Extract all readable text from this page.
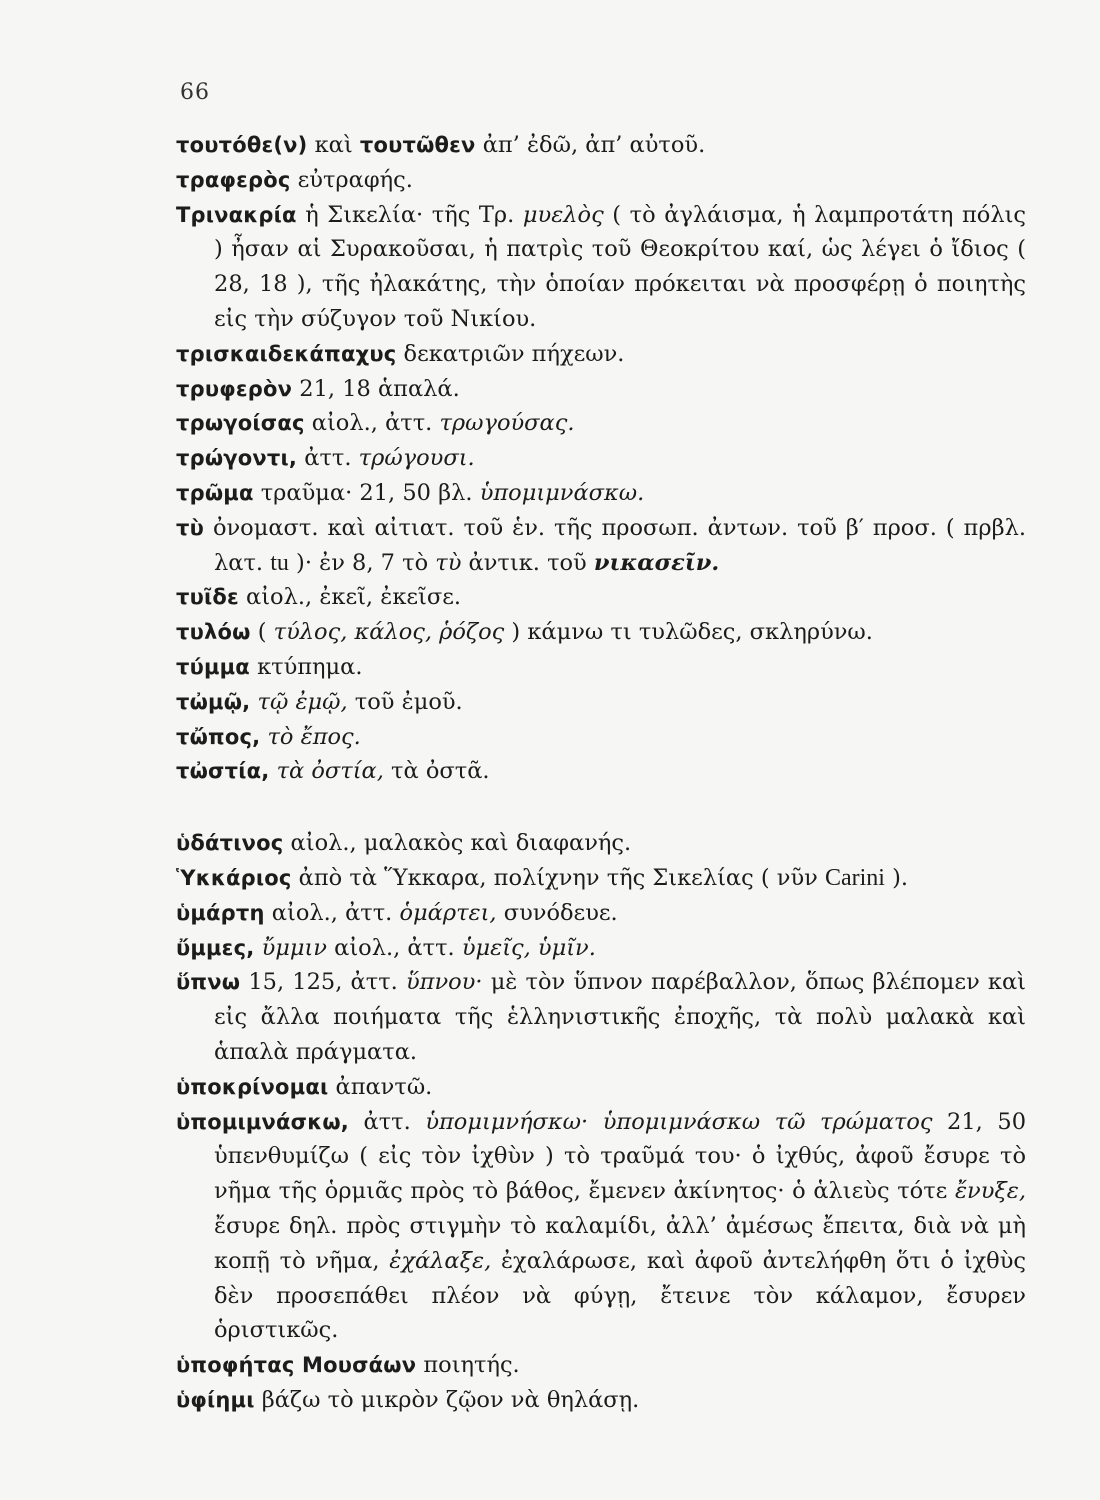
66
τουτόθε(ν) καὶ τουτῶθεν ἀπ’ ἐδῶ, ἀπ’ αὐτοῦ.
τραφερὸς εὐτραφής.
Τρινακρία ἡ Σικελία· τῆς Τρ. μυελὸς ( τὸ ἀγλάισμα, ἡ λαμπροτάτη πόλις ) ἦσαν αἱ Συρακοῦσαι, ἡ πατρὶς τοῦ Θεοκρίτου καί, ὡς λέγει ὁ ἴδιος ( 28, 18 ), τῆς ἠλακάτης, τὴν ὁποίαν πρόκειται νὰ προσφέρῃ ὁ ποιητὴς εἰς τὴν σύζυγον τοῦ Νικίου.
τρισκαιδεκάπαχυς δεκατριῶν πήχεων.
τρυφερὸν 21, 18 ἁπαλά.
τρωγοίσας αἰολ., ἀττ. τρωγούσας.
τρώγοντι, ἀττ. τρώγουσι.
τρῶμα τραῦμα· 21, 50 βλ. ὑπομιμνάσκω.
τὺ ὀνομαστ. καὶ αἰτιατ. τοῦ ἑν. τῆς προσωπ. ἀντων. τοῦ β′ προσ. ( πρβλ. λατ. tu )· ἐν 8, 7 τὸ τὺ ἀντικ. τοῦ νικασεῖν.
τυῖδε αἰολ., ἐκεῖ, ἐκεῖσε.
τυλόω ( τύλος, κάλος, ῥόζος ) κάμνω τι τυλῶδες, σκληρύνω.
τύμμα κτύπημα.
τὠμῷ, τῷ ἐμῷ, τοῦ ἐμοῦ.
τὤπος, τὸ ἔπος.
τὠστία, τὰ ὀστία, τὰ ὀστᾶ.
ὑδάτινος αἰολ., μαλακὸς καὶ διαφανής.
Ὑκκάριος ἀπὸ τὰ Ὕκκαρα, πολίχνην τῆς Σικελίας ( νῦν Carini ).
ὑμάρτη αἰολ., ἀττ. ὁμάρτει, συνόδευε.
ὔμμες, ὔμμιν αἰολ., ἀττ. ὑμεῖς, ὑμῖν.
ὕπνω 15, 125, ἀττ. ὕπνου· μὲ τὸν ὕπνον παρέβαλλον, ὅπως βλέπομεν καὶ εἰς ἄλλα ποιήματα τῆς ἑλληνιστικῆς ἐποχῆς, τὰ πολὺ μαλακὰ καὶ ἁπαλὰ πράγματα.
ὑποκρίνομαι ἀπαντῶ.
ὑπομιμνάσκω, ἀττ. ὑπομιμνήσκω· ὑπομιμνάσκω τῶ τρώματος 21, 50 ὑπενθυμίζω ( εἰς τὸν ἰχθὺν ) τὸ τραῦμά του· ὁ ἰχθύς, ἀφοῦ ἔσυρε τὸ νῆμα τῆς ὁρμιᾶς πρὸς τὸ βάθος, ἔμενεν ἀκίνητος· ὁ ἁλιεὺς τότε ἔνυξε, ἔσυρε δηλ. πρὸς στιγμὴν τὸ καλαμίδι, ἀλλ’ ἀμέσως ἔπειτα, διὰ νὰ μὴ κοπῇ τὸ νῆμα, ἐχάλαξε, ἐχαλάρωσε, καὶ ἀφοῦ ἀντελήφθη ὅτι ὁ ἰχθὺς δὲν προσεπάθει πλέον νὰ φύγῃ, ἔτεινε τὸν κάλαμον, ἔσυρεν ὁριστικῶς.
ὑποφήτας Μουσάων ποιητής.
ὑφίημι βάζω τὸ μικρὸν ζῷον νὰ θηλάσῃ.
